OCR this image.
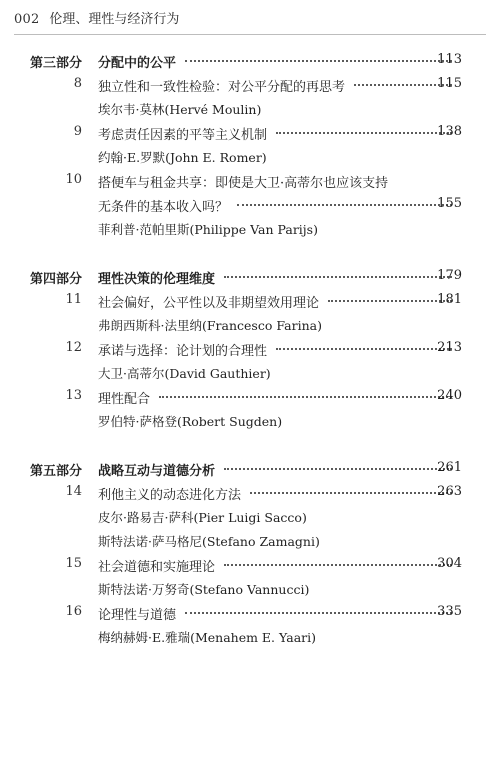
002 伦理、理性与经济行为
第三部分 分配中的公平	113
8 独立性和一致性检验：对公平分配的再思考	115
埃尔韦·莫林(Hervé Moulin)
9 考虑责任因素的平等主义机制	138
约翰·E.罗默(John E. Romer)
10 搭便车与租金共享：即使是大卫·高蒂尔也应该支持
无条件的基本收入吗？	155
菲利普·范帕里斯(Philippe Van Parijs)
第四部分 理性决策的伦理维度	179
11 社会偏好，公平性以及非期望效用理论	181
弗朗西斯科·法里纳(Francesco Farina)
12 承诺与选择：论计划的合理性	213
大卫·高蒂尔(David Gauthier)
13 理性配合	240
罗伯特·萨格登(Robert Sugden)
第五部分 战略互动与道德分析	261
14 利他主义的动态进化方法	263
皮尔·路易吉·萨科(Pier Luigi Sacco)
斯特法诺·萨马格尼(Stefano Zamagni)
15 社会道德和实施理论	304
斯特法诺·万努奇(Stefano Vannucci)
16 论理性与道德	335
梅纳赫姆·E.雅瑞(Menahem E. Yaari)
